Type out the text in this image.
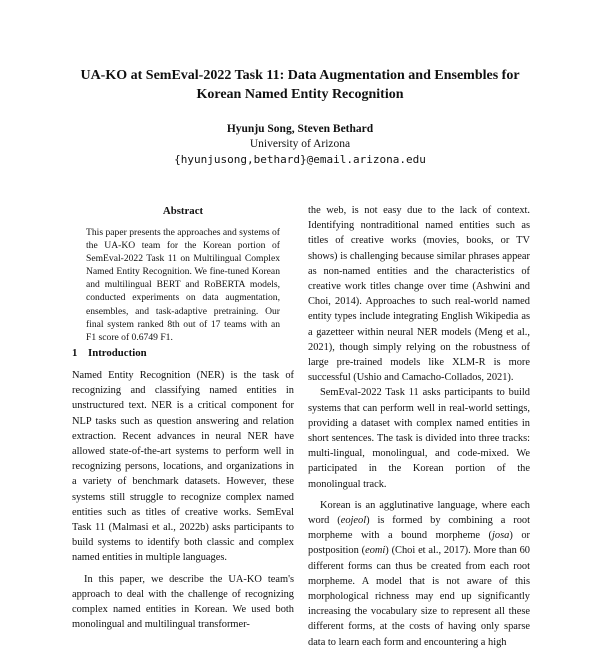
UA-KO at SemEval-2022 Task 11: Data Augmentation and Ensembles for
Korean Named Entity Recognition
Hyunju Song, Steven Bethard
University of Arizona
{hyunjusong,bethard}@email.arizona.edu
Abstract

This paper presents the approaches and systems of the UA-KO team for the Korean portion of SemEval-2022 Task 11 on Multilingual Complex Named Entity Recognition. We fine-tuned Korean and multilingual BERT and RoBERTA models, conducted experiments on data augmentation, ensembles, and task-adaptive pretraining. Our final system ranked 8th out of 17 teams with an F1 score of 0.6749 F1.

1 Introduction

Named Entity Recognition (NER) is the task of recognizing and classifying named entities in unstructured text. NER is a critical component for NLP tasks such as question answering and relation extraction. Recent advances in neural NER have allowed state-of-the-art systems to perform well in recognizing persons, locations, and organizations in a variety of benchmark datasets. However, these systems still struggle to recognize complex named entities such as titles of creative works. SemEval Task 11 (Malmasi et al., 2022b) asks participants to build systems to identify both classic and complex named entities in multiple languages.

In this paper, we describe the UA-KO team's approach to deal with the challenge of recognizing complex named entities in Korean. We used both monolingual and multilingual transformer-

the web, is not easy due to the lack of context. Identifying nontraditional named entities such as titles of creative works (movies, books, or TV shows) is challenging because similar phrases appear as non-named entities and the characteristics of creative work titles change over time (Ashwini and Choi, 2014). Approaches to such real-world named entity types include integrating English Wikipedia as a gazetteer within neural NER models (Meng et al., 2021), though simply relying on the robustness of large pre-trained models like XLM-R is more successful (Ushio and Camacho-Collados, 2021).

SemEval-2022 Task 11 asks participants to build systems that can perform well in real-world settings, providing a dataset with complex named entities in short sentences. The task is divided into three tracks: multi-lingual, monolingual, and code-mixed. We participated in the Korean portion of the monolingual track.

Korean is an agglutinative language, where each word (eojeol) is formed by combining a root morpheme with a bound morpheme (josa) or postposition (eomi) (Choi et al., 2017). More than 60 different forms can thus be created from each root morpheme. A model that is not aware of this morphological richness may end up significantly increasing the vocabulary size to represent all these different forms, at the costs of having only sparse data to learn each form and encountering a high
